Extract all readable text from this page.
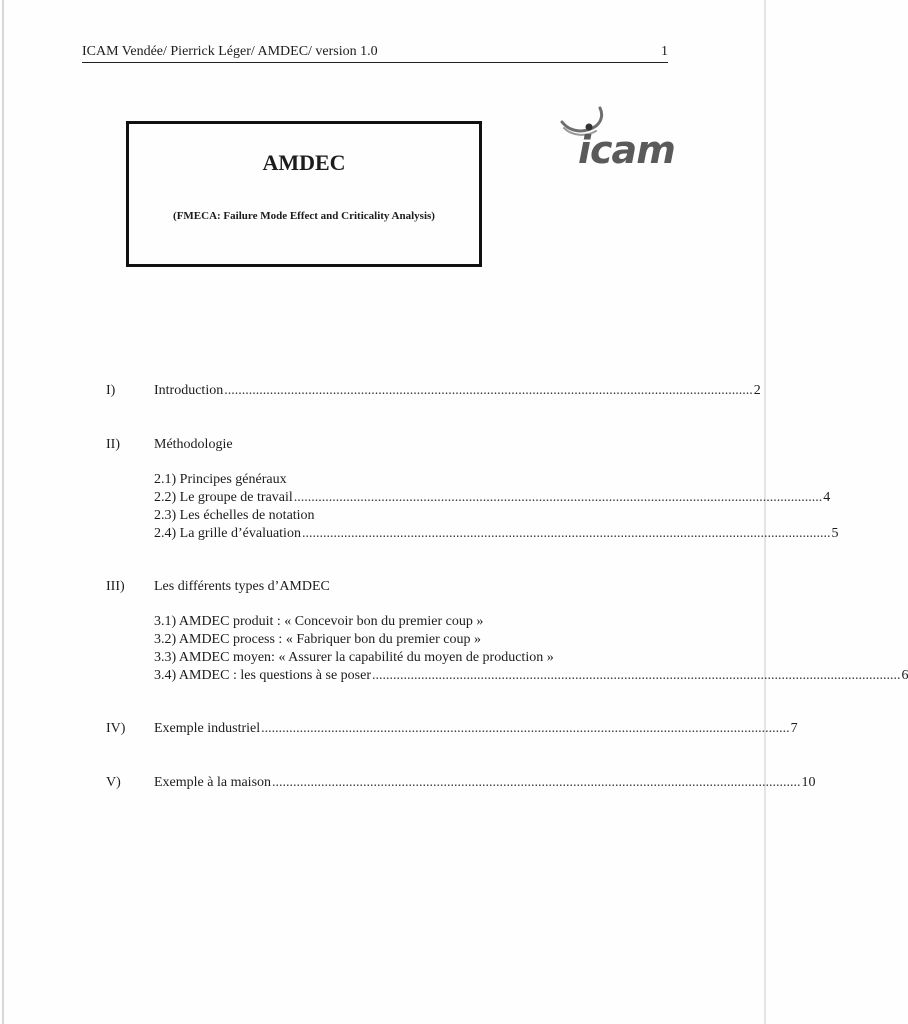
ICAM Vendée/ Pierrick Léger/ AMDEC/ version 1.0	1
AMDEC
(FMECA: Failure Mode Effect and Criticality Analysis)
icam
I)	Introduction ....................................................................................................................................................... 2
II) Méthodologie
2.1) Principes généraux
2.2) Le groupe de travail ....................................................................................................................................................... 4
2.3) Les échelles de notation
2.4) La grille d’évaluation ....................................................................................................................................................... 5
III) Les différents types d’AMDEC
3.1) AMDEC produit : « Concevoir bon du premier coup »
3.2) AMDEC process : « Fabriquer bon du premier coup »
3.3) AMDEC moyen: « Assurer la capabilité du moyen de production »
3.4) AMDEC : les questions à se poser ....................................................................................................................................................... 6
IV) Exemple industriel ....................................................................................................................................................... 7
V) Exemple à la maison ....................................................................................................................................................... 10
